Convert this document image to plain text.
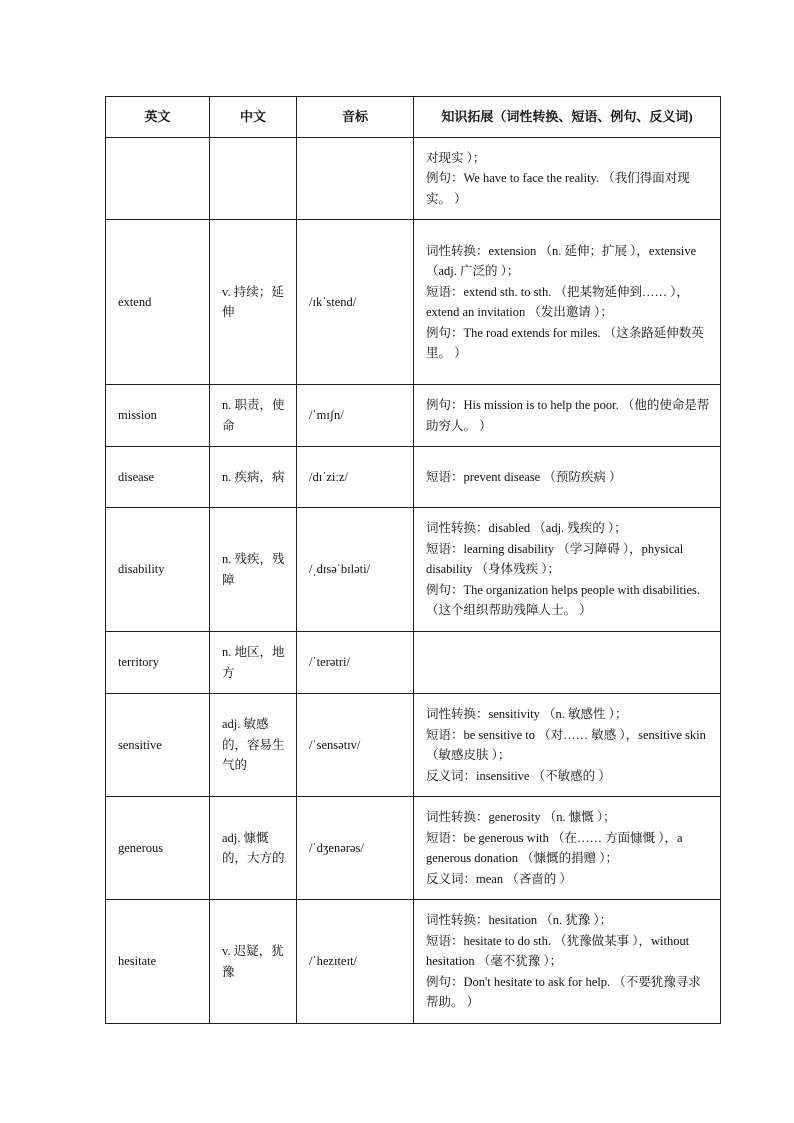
英文	中文	音标	知识拓展（词性转换、短语、例句、反义词)

			对现实 ）；
例句：We have to face the reality. （我们得面对现实。 ）

extend	v. 持续；延伸	/ɪkˈstend/	词性转换：extension （n. 延伸；扩展 ），extensive （adj. 广泛的 ）；
短语：extend sth. to sth. （把某物延伸到…… ），extend an invitation （发出邀请 ）；
例句：The road extends for miles. （这条路延伸数英里。 ）

mission	n. 职责，使命	/ˈmɪʃn/	例句：His mission is to help the poor. （他的使命是帮助穷人。 ）

disease	n. 疾病，病	/dɪˈziːz/	短语：prevent disease （预防疾病 ）

disability	n. 残疾，残障	/ˌdɪsəˈbɪləti/	词性转换：disabled （adj. 残疾的 ）；
短语：learning disability （学习障碍 ），physical disability （身体残疾 ）；
例句：The organization helps people with disabilities. （这个组织帮助残障人士。 ）

territory	n. 地区，地方	/ˈterətri/	
sensitive	adj. 敏感的，容易生气的	/ˈsensətɪv/	词性转换：sensitivity （n. 敏感性 ）；
短语：be sensitive to （对…… 敏感 ），sensitive skin （敏感皮肤 ）；
反义词：insensitive （不敏感的 ）

generous	adj. 慷慨的，大方的	/ˈdʒenərəs/	词性转换：generosity （n. 慷慨 ）；
短语：be generous with （在…… 方面慷慨 ），a generous donation （慷慨的捐赠 ）；
反义词：mean （吝啬的 ）

hesitate	v. 迟疑，犹豫	/ˈhezɪteɪt/	词性转换：hesitation （n. 犹豫 ）；
短语：hesitate to do sth. （犹豫做某事 ），without hesitation （毫不犹豫 ）；
例句：Don't hesitate to ask for help. （不要犹豫寻求帮助。 ）
